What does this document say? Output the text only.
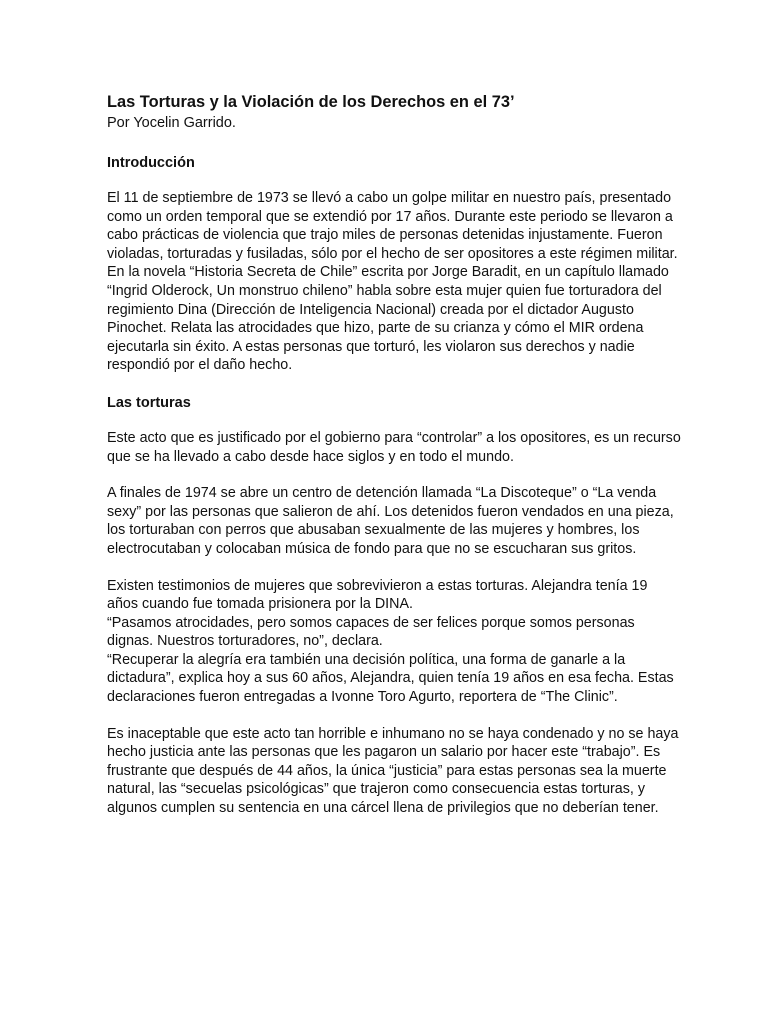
Las Torturas y la Violación de los Derechos en el 73’
Por Yocelin Garrido.
Introducción

El 11 de septiembre de 1973 se llevó a cabo un golpe militar en nuestro país, presentado
como un orden temporal que se extendió por 17 años. Durante este periodo se llevaron a
cabo prácticas de violencia que trajo miles de personas detenidas injustamente. Fueron
violadas, torturadas y fusiladas, sólo por el hecho de ser opositores a este régimen militar.
En la novela “Historia Secreta de Chile” escrita por Jorge Baradit, en un capítulo llamado
“Ingrid Olderock, Un monstruo chileno” habla sobre esta mujer quien fue torturadora del
regimiento Dina (Dirección de Inteligencia Nacional) creada por el dictador Augusto
Pinochet. Relata las atrocidades que hizo, parte de su crianza y cómo el MIR ordena
ejecutarla sin éxito. A estas personas que torturó, les violaron sus derechos y nadie
respondió por el daño hecho.

Las torturas

Este acto que es justificado por el gobierno para “controlar” a los opositores, es un recurso
que se ha llevado a cabo desde hace siglos y en todo el mundo.

A finales de 1974 se abre un centro de detención llamada “La Discoteque” o “La venda
sexy” por las personas que salieron de ahí. Los detenidos fueron vendados en una pieza,
los torturaban con perros que abusaban sexualmente de las mujeres y hombres, los
electrocutaban y colocaban música de fondo para que no se escucharan sus gritos.

Existen testimonios de mujeres que sobrevivieron a estas torturas. Alejandra tenía 19
años cuando fue tomada prisionera por la DINA.
“Pasamos atrocidades, pero somos capaces de ser felices porque somos personas
dignas. Nuestros torturadores, no”, declara.
“Recuperar la alegría era también una decisión política, una forma de ganarle a la
dictadura”, explica hoy a sus 60 años, Alejandra, quien tenía 19 años en esa fecha. Estas
declaraciones fueron entregadas a Ivonne Toro Agurto, reportera de “The Clinic”.

Es inaceptable que este acto tan horrible e inhumano no se haya condenado y no se haya
hecho justicia ante las personas que les pagaron un salario por hacer este “trabajo”. Es
frustrante que después de 44 años, la única “justicia” para estas personas sea la muerte
natural, las “secuelas psicológicas” que trajeron como consecuencia estas torturas, y
algunos cumplen su sentencia en una cárcel llena de privilegios que no deberían tener.
